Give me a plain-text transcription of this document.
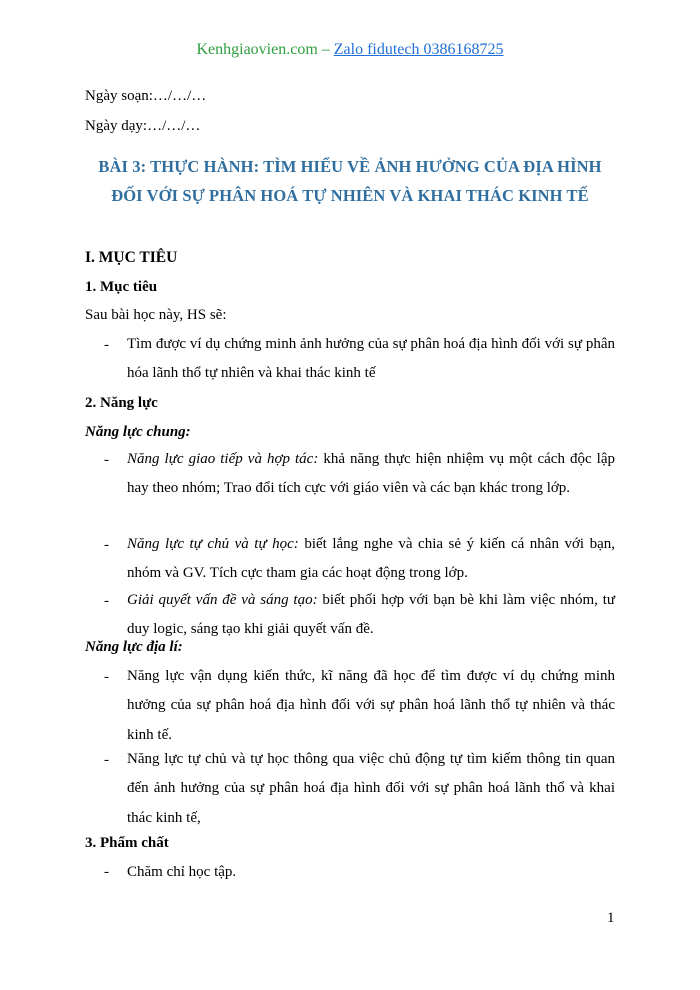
Kenhgiaovien.com – Zalo fidutech 0386168725
Ngày soạn:…/…/…
Ngày dạy:…/…/…
BÀI 3: THỰC HÀNH: TÌM HIỂU VỀ ẢNH HƯỞNG CỦA ĐỊA HÌNH
ĐỐI VỚI SỰ PHÂN HOÁ TỰ NHIÊN VÀ KHAI THÁC KINH TẾ
I. MỤC TIÊU
1. Mục tiêu
Sau bài học này, HS sẽ:
- Tìm được ví dụ chứng minh ảnh hưởng của sự phân hoá địa hình đối với sự phân hóa lãnh thổ tự nhiên và khai thác kinh tế
2. Năng lực
Năng lực chung:
- Năng lực giao tiếp và hợp tác: khả năng thực hiện nhiệm vụ một cách độc lập hay theo nhóm; Trao đổi tích cực với giáo viên và các bạn khác trong lớp.
- Năng lực tự chủ và tự học: biết lắng nghe và chia sẻ ý kiến cá nhân với bạn, nhóm và GV. Tích cực tham gia các hoạt động trong lớp.
- Giải quyết vấn đề và sáng tạo: biết phối hợp với bạn bè khi làm việc nhóm, tư duy logic, sáng tạo khi giải quyết vấn đề.
Năng lực địa lí:
- Năng lực vận dụng kiến thức, kĩ năng đã học để tìm được ví dụ chứng minh hưởng của sự phân hoá địa hình đối với sự phân hoá lãnh thổ tự nhiên và thác kinh tế.
- Năng lực tự chủ và tự học thông qua việc chủ động tự tìm kiếm thông tin quan đến ảnh hưởng của sự phân hoá địa hình đối với sự phân hoá lãnh thổ và khai thác kinh tế,
3. Phẩm chất
- Chăm chỉ học tập.
1
